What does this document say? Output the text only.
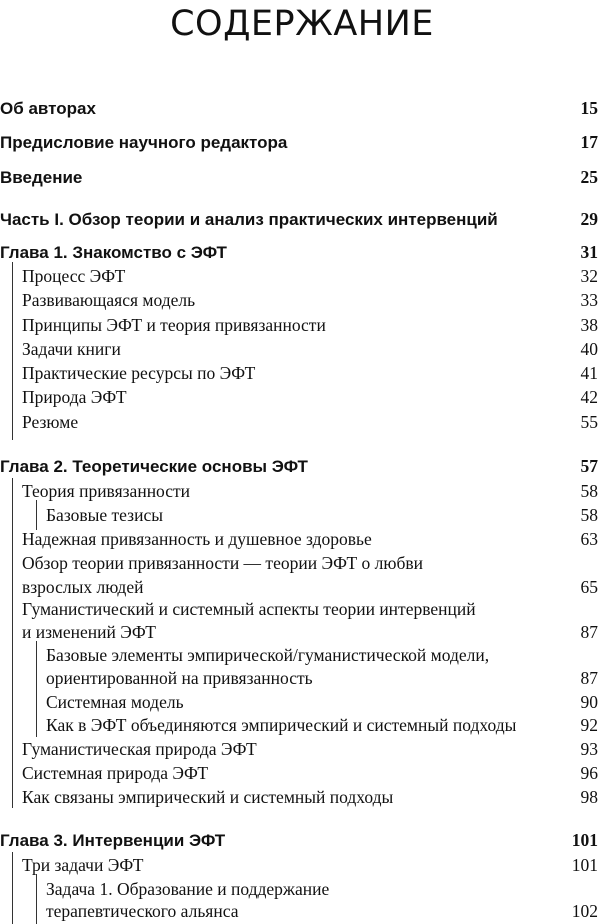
СОДЕРЖАНИЕ
Об авторах	15
Предисловие научного редактора	17
Введение	25
Часть I. Обзор теории и анализ практических интервенций	29
Глава 1. Знакомство с ЭФТ	31
Процесс ЭФТ	32
Развивающаяся модель	33
Принципы ЭФТ и теория привязанности	38
Задачи книги	40
Практические ресурсы по ЭФТ	41
Природа ЭФТ	42
Резюме	55
Глава 2. Теоретические основы ЭФТ	57
Теория привязанности	58
Базовые тезисы	58
Надежная привязанность и душевное здоровье	63
Обзор теории привязанности — теории ЭФТ о любви
взрослых людей	65
Гуманистический и системный аспекты теории интервенций
и изменений ЭФТ	87
Базовые элементы эмпирической/гуманистической модели,
ориентированной на привязанность	87
Системная модель	90
Как в ЭФТ объединяются эмпирический и системный подходы	92
Гуманистическая природа ЭФТ	93
Системная природа ЭФТ	96
Как связаны эмпирический и системный подходы	98
Глава 3. Интервенции ЭФТ	101
Три задачи ЭФТ	101
Задача 1. Образование и поддержание
терапевтического альянса	102
